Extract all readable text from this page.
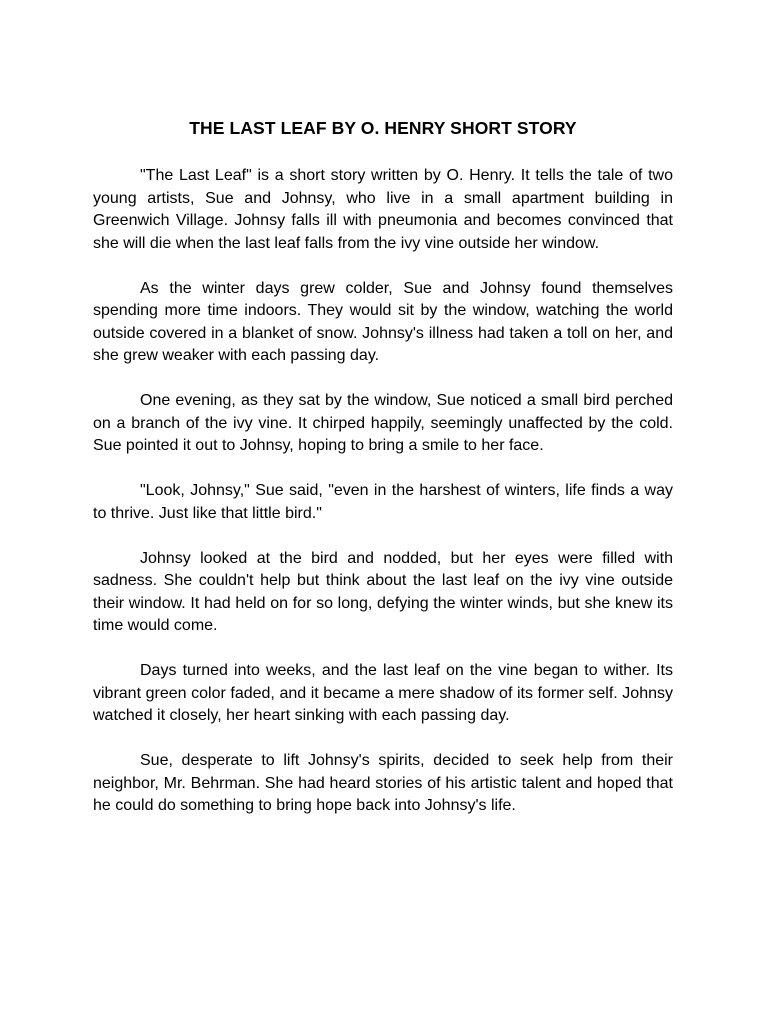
THE LAST LEAF BY O. HENRY SHORT STORY

"The Last Leaf" is a short story written by O. Henry. It tells the tale of two young artists, Sue and Johnsy, who live in a small apartment building in Greenwich Village. Johnsy falls ill with pneumonia and becomes convinced that she will die when the last leaf falls from the ivy vine outside her window.

As the winter days grew colder, Sue and Johnsy found themselves spending more time indoors. They would sit by the window, watching the world outside covered in a blanket of snow. Johnsy's illness had taken a toll on her, and she grew weaker with each passing day.

One evening, as they sat by the window, Sue noticed a small bird perched on a branch of the ivy vine. It chirped happily, seemingly unaffected by the cold. Sue pointed it out to Johnsy, hoping to bring a smile to her face.

"Look, Johnsy," Sue said, "even in the harshest of winters, life finds a way to thrive. Just like that little bird."

Johnsy looked at the bird and nodded, but her eyes were filled with sadness. She couldn't help but think about the last leaf on the ivy vine outside their window. It had held on for so long, defying the winter winds, but she knew its time would come.

Days turned into weeks, and the last leaf on the vine began to wither. Its vibrant green color faded, and it became a mere shadow of its former self. Johnsy watched it closely, her heart sinking with each passing day.

Sue, desperate to lift Johnsy's spirits, decided to seek help from their neighbor, Mr. Behrman. She had heard stories of his artistic talent and hoped that he could do something to bring hope back into Johnsy's life.
